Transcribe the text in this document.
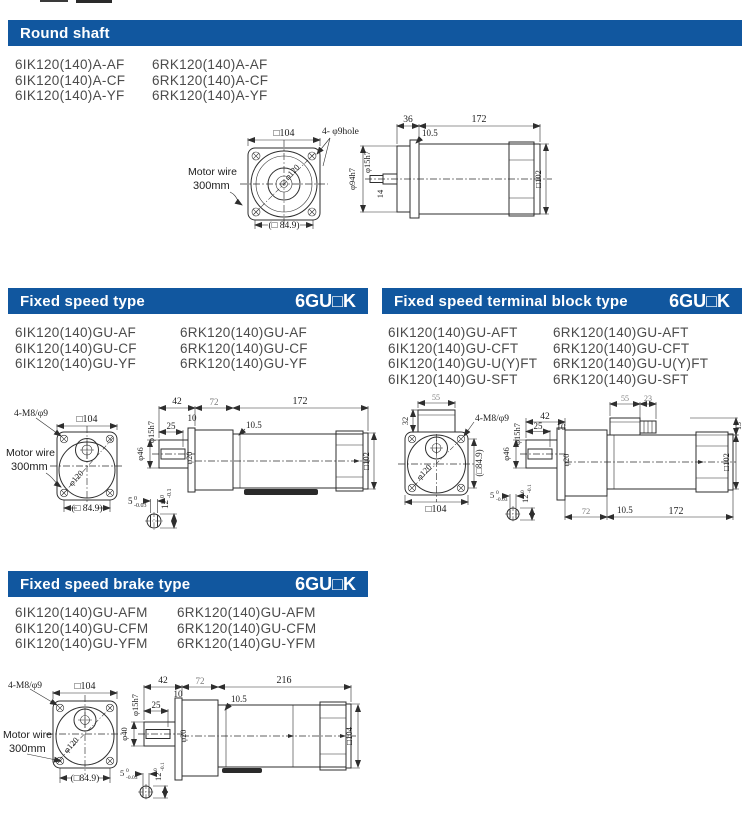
Round shaft
6IK120(140)A-AF	6RK120(140)A-AF
6IK120(140)A-CF	6RK120(140)A-CF
6IK120(140)A-YF	6RK120(140)A-YF
φ120
□104	4- φ9hole
Motor wire
300mm
(□ 84.9)
36	172
10.5
φ94h7
φ15h7
14
□102
Fixed speed type	6GU□K
6IK120(140)GU-AF	6RK120(140)GU-AF
6IK120(140)GU-CF	6RK120(140)GU-CF
6IK120(140)GU-YF	6RK120(140)GU-YF
φ120
4-M8/φ9	□104
Motor wire
300mm
(□ 84.9)
5 0
-0.03 12
0 -0.1
42	72	172
10
25	10.5
φ15h7
φ46	φ20	□102
Fixed speed terminal block type 6GU□K
6IK120(140)GU-AFT	6RK120(140)GU-AFT
6IK120(140)GU-CFT	6RK120(140)GU-CFT
6IK120(140)GU-U(Y)FT	6RK120(140)GU-U(Y)FT
6IK120(140)GU-SFT	6RK120(140)GU-SFT
55
32
φ120
4-M8/φ9
(□84.9)
□104
5 0
-0.03 12
0 -0.1
42
25 10
φ15h7
φ46	φ20
55 23
13
72	10.5	172
□102
Fixed speed brake type	6GU□K
6IK120(140)GU-AFM	6RK120(140)GU-AFM
6IK120(140)GU-CFM	6RK120(140)GU-CFM
6IK120(140)GU-YFM	6RK120(140)GU-YFM
φ120
4-M8/φ9	□104
Motor wire
300mm
(□84.9)
5 0
-0.03 12
0 -0.1
42	72	216
10
25
10.5
φ15h7
φ40	φ20	□104
